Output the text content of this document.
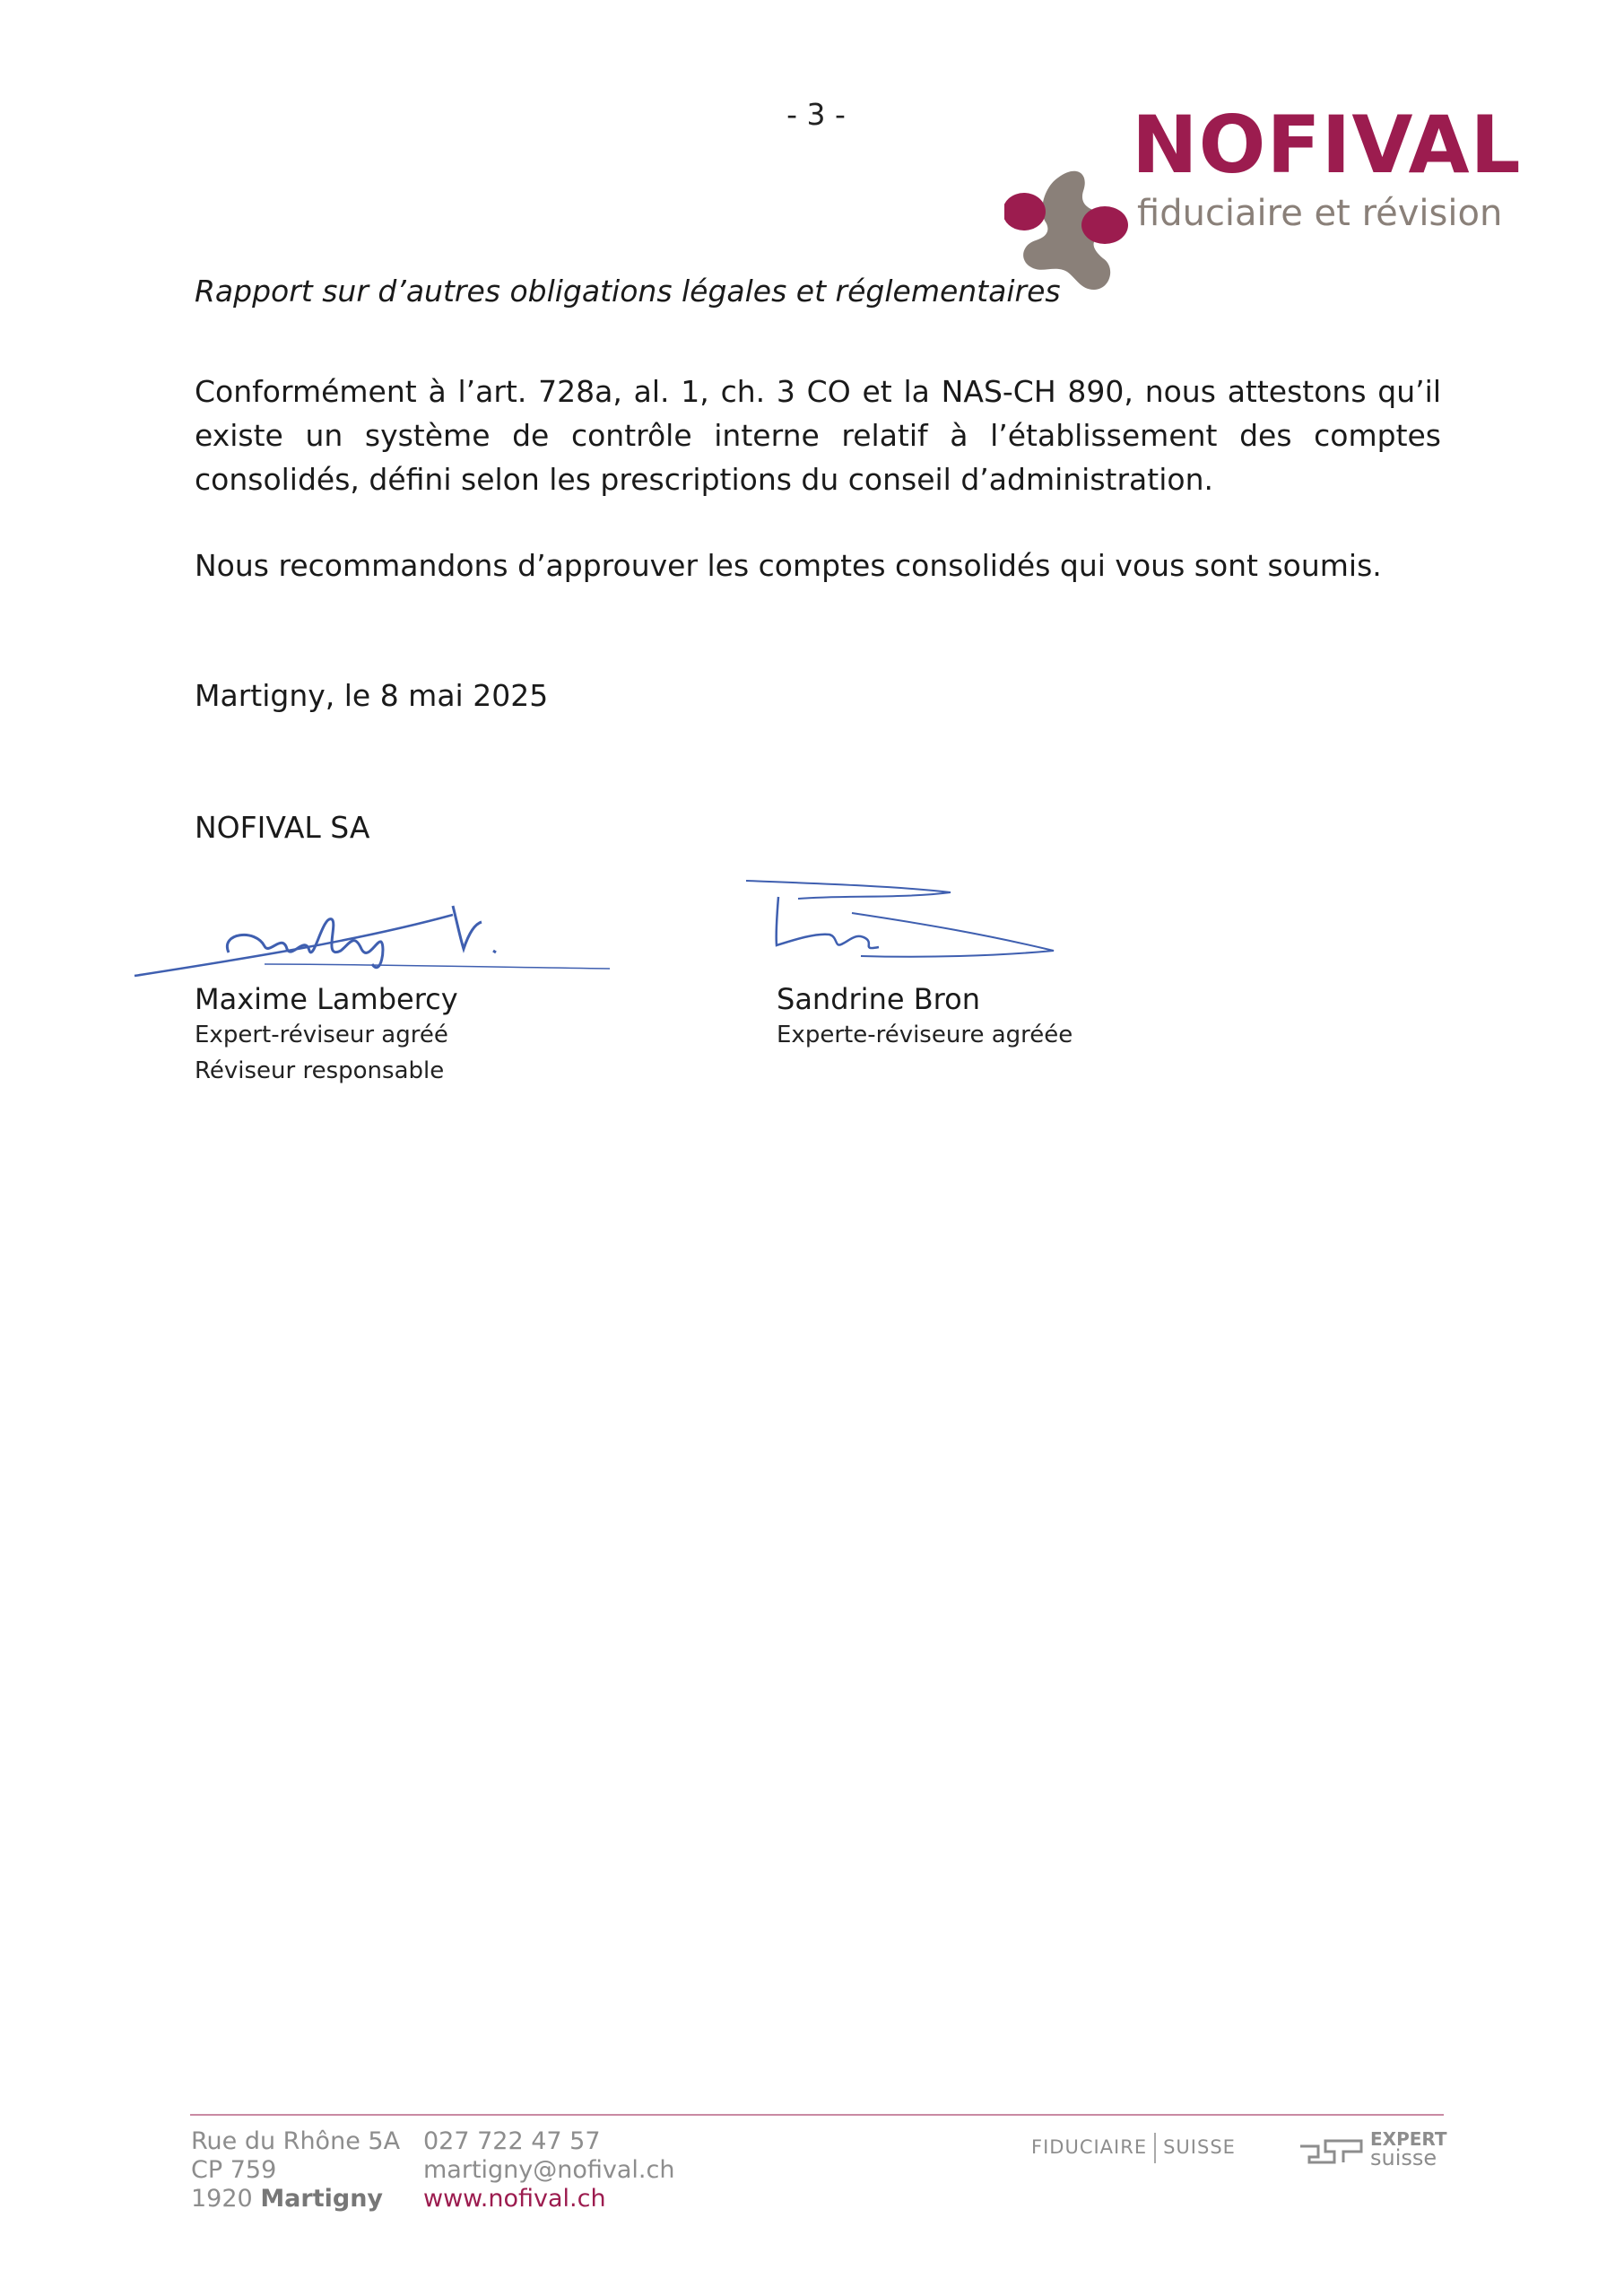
- 3 -	NOFIVAL
fiduciaire et révision
Rapport sur d’autres obligations légales et réglementaires
Conformément à l’art. 728a, al. 1, ch. 3 CO et la NAS-CH 890, nous attestons qu’il existe un système de contrôle interne relatif à l’établissement des comptes consolidés, défini selon les prescriptions du conseil d’administration.
Nous recommandons d’approuver les comptes consolidés qui vous sont soumis.
Martigny, le 8 mai 2025
NOFIVAL SA
Maxime Lambercy
Expert-réviseur agréé
Réviseur responsable
Sandrine Bron
Experte-réviseure agréée
Rue du Rhône 5A
CP 759
1920 Martigny
027 722 47 57
martigny@nofival.ch
www.nofival.ch
FIDUCIAIRE SUISSE	EXPERT
suisse
